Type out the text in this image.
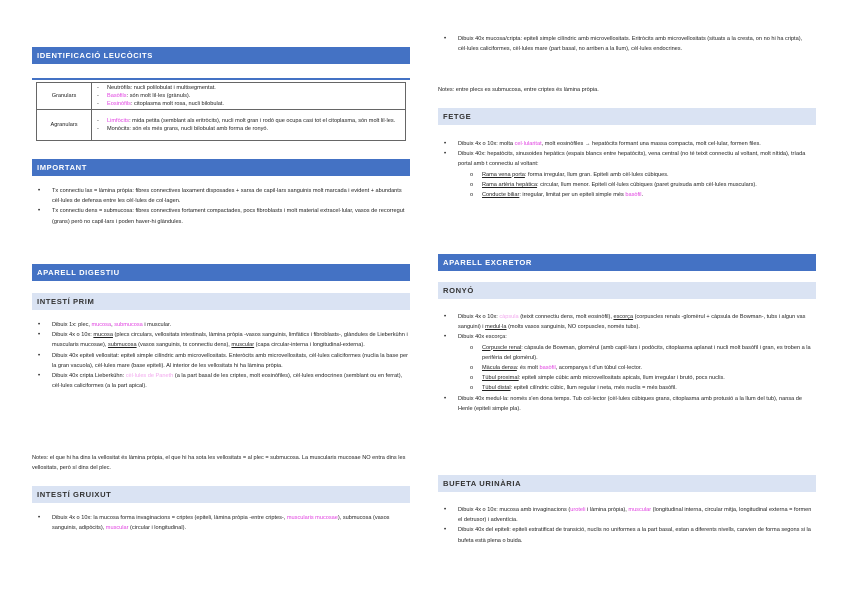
IDENTIFICACIÓ LEUCÒCITS
Granulars	- Neutròfils: nucli polilobulat i multisegmentat.
- Basòfils: són molt lil·les (grànuls).
- Eosinòfils: citoplasma molt rosa, nucli bilobulat.

Agranulars	- Limfòcits: mida petita (semblant als eritròcits), nucli molt gran i rodó que ocupa casi tot el citoplasma, són molt lil·les.
- Monòcits: són els més grans, nucli bilobulat amb forma de ronyó.
IMPORTANT
• Tx connectiu lax = làmina pròpia: fibres connectives laxament disposades + xarxa de capil·lars sanguinis molt marcada i evident + abundants cèl·lules de defensa entre les cèl·lules de col·lagen.
• Tx connectiu dens = submucosa: fibres connectives fortament compactades, pocs fibroblasts i molt material extracel·lular, vasos de recorregut (grans) però no capil·lars i poden haver-hi glàndules.
APARELL DIGESTIU
INTESTÍ PRIM
• Dibuix 1x: plec, mucosa, submucosa i muscular.
• Dibuix 4x o 10x: mucosa (plecs circulars, vellositats intestinals, làmina pròpia -vasos sanguinis, limfàtics i fibroblasts-, glàndules de Lieberkühn i muscularis mucosae), submucosa (vasos sanguinis, tx connectiu dens), muscular (capa circular-interna i longitudinal-externa).
• Dibuix 40x epiteli vellositat: epiteli simple cilíndric amb microvellositats. Enteròcits amb microvellositats, cèl·lules caliciformes (nuclia la base per la gran vacuola), cèl·lules mare (base epiteli). Al interior de les vellositats hi ha làmina pròpia.
• Dibuix 40x cripta Lieberkühn: cèl·lules de Paneth (a la part basal de les criptes, molt eosinòfiles), cèl·lules endocrines (semblant ou en ferrat), cèl·lules caliciformes (a la part apical).
Notes: el que hi ha dins la vellositat és làmina pròpia, el que hi ha sota les vellositats = al plec = submucosa. La muscularis mucosae NO entra dins les vellositats, però sí dins del plec.
INTESTÍ GRUIXUT
• Dibuix 4x o 10x: la mucosa forma invaginacions = criptes (epiteli, làmina pròpia -entre criptes-, muscularis mucosae), submucosa (vasos sanguinis, adipòcits), muscular (circular i longitudinal).
• Dibuix 40x mucosa/cripta: epiteli simple cilíndric amb microvellositats. Eritròcits amb microvellositats (situats a la cresta, on no hi ha cripta), cèl·lules caliciformes, cèl·lules mare (part basal, no arriben a la llum), cèl·lules endocrines.
Notes: entre plecs es submucosa, entre criptes és làmina pròpia.
FETGE
• Dibuix 4x o 10x: molta cel·lularitat, molt eosinòfiles → hepatòcits formant una massa compacta, molt cel·lular, formen files.
• Dibuix 40x: hepatòcits, sinusoides hepàtics (espais blancs entre hepatòcits), vena central (no té teixit connectiu al voltant, molt nítida), tríada portal amb t connectiu al voltant:
o Rama vena porta: forma irregular, llum gran. Epiteli amb cèl·lules cúbiques.
o Rama artèria hepàtica: circular, llum menor. Epiteli cèl·lules cúbiques (paret gruixuda amb cèl·lules musculars).
o Conducte biliar: irregular, limitat per un epiteli simple més basòfil.
APARELL EXCRETOR
RONYÓ
• Dibuix 4x o 10x: càpsula (teixit connectiu dens, molt eosinòfil), escorça (corpuscles renals -glomèrul + càpsula de Bowman-, tubs i algun vas sanguini) i medul·la (molts vasos sanguinis, NO corpuscles, només tubs).
• Dibuix 40x escorça:
o Corpuscle renal: càpsula de Bowman, glomèrul (amb capil·lars i podòcits, citoplasma aplanat i nucli molt basòfil i gran, es troben a la perifèria del glomèrul).
o Màcula densa: és molt basòfil, acompanya t d'un túbul col·lector.
o Túbul proximal: epiteli simple cúbic amb microvellositats apicals, llum irregular i brutó, pocs nuclis.
o Túbul distal: epiteli cilíndric cúbic, llum regular i neta, més nuclis = més basòfil.
• Dibuix 40x medul·la: només s'en dona temps. Tub col·lector (cèl·lules cúbiques grans, citoplasma amb protusió a la llum del tub), nansa de Henle (epiteli simple pla).
BUFETA URINÀRIA
• Dibuix 4x o 10x: mucosa amb invaginacions (uroteli i làmina pròpia), muscular (longitudinal interna, circular mitja, longitudinal externa = formen el detrusor) i adventícia.
• Dibuix 40x del epiteli: epiteli estratificat de transició, nuclis no uniformes a la part basal, estan a diferents nivells, canvien de forma segons si la bufeta està plena o buida.
